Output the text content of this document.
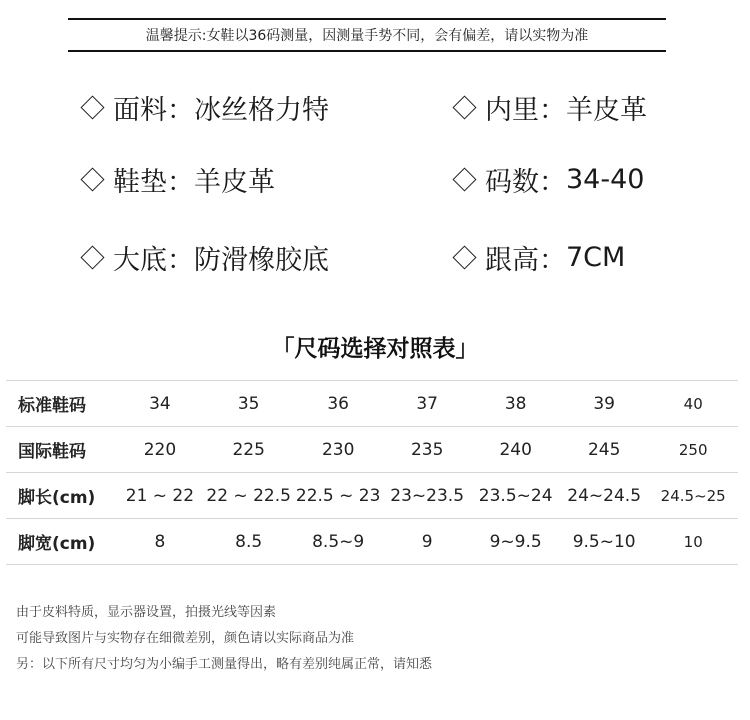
温馨提示:女鞋以36码测量，因测量手势不同，会有偏差，请以实物为准
面料 ： 冰丝格力特	内里 ： 羊皮革
鞋垫 ： 羊皮革	码数 ： 34-40
大底 ： 防滑橡胶底	跟高 ： 7CM
「尺码选择对照表」
标准鞋码	34	35	36	37	38	39	40
国际鞋码	220	225	230	235	240	245	250
脚长(cm)	21 ~ 22	22 ~ 22.5	22.5 ~ 23	23~23.5	23.5~24	24~24.5	24.5~25
脚宽(cm)	8	8.5	8.5~9	9	9~9.5	9.5~10	10
由于皮料特质，显示器设置，拍摄光线等因素
可能导致图片与实物存在细微差别，颜色请以实际商品为准
另：以下所有尺寸均匀为小编手工测量得出，略有差别纯属正常，请知悉
